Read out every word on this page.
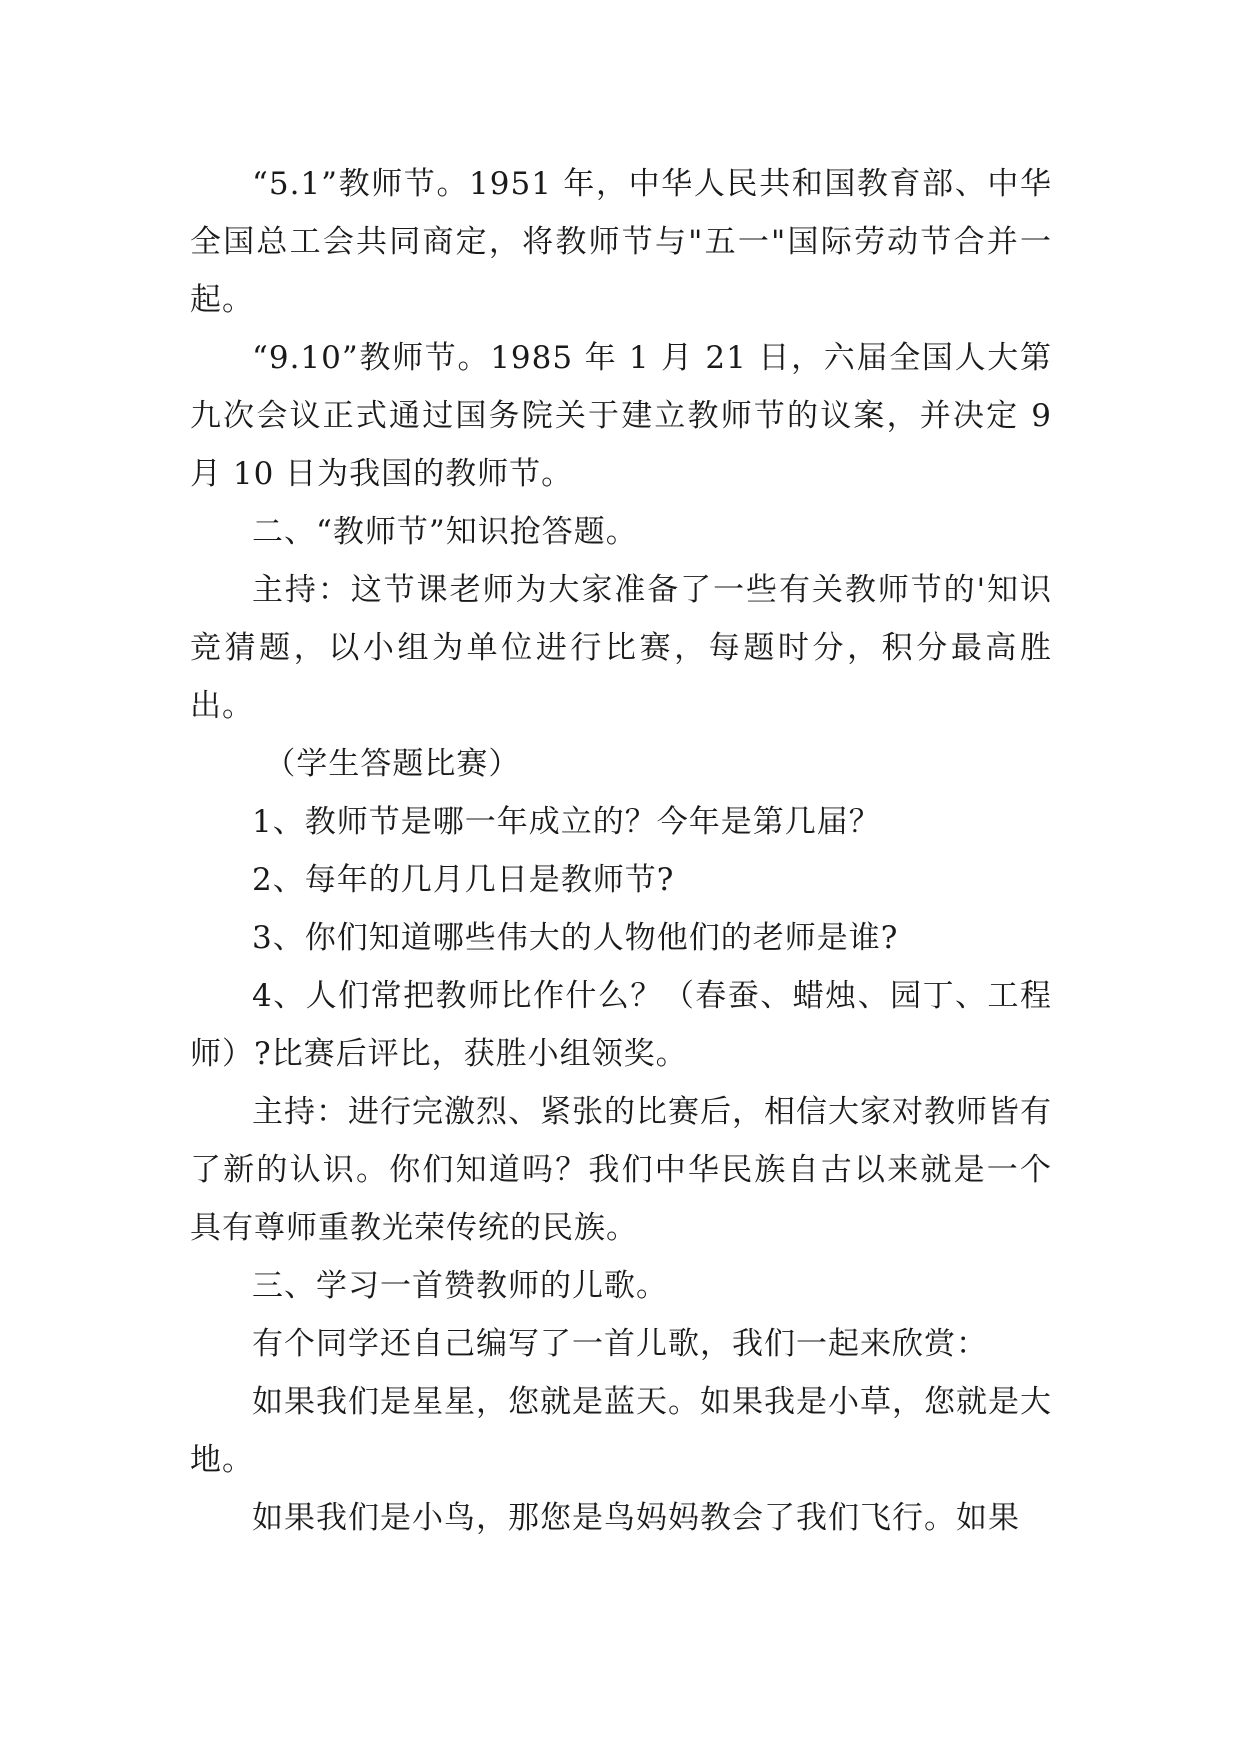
“5.1”教师节。1951 年，中华人民共和国教育部、中华全国总工会共同商定，将教师节与"五一"国际劳动节合并一起。

“9.10”教师节。1985 年 1 月 21 日，六届全国人大第九次会议正式通过国务院关于建立教师节的议案，并决定 9 月 10 日为我国的教师节。

二、“教师节”知识抢答题。

主持：这节课老师为大家准备了一些有关教师节的'知识竞猜题，以小组为单位进行比赛，每题时分，积分最高胜出。

（学生答题比赛）

1、教师节是哪一年成立的？今年是第几届？

2、每年的几月几日是教师节?

3、你们知道哪些伟大的人物他们的老师是谁?

4、人们常把教师比作什么？（春蚕、蜡烛、园丁、工程师）?比赛后评比，获胜小组领奖。

主持：进行完激烈、紧张的比赛后，相信大家对教师皆有了新的认识。你们知道吗？我们中华民族自古以来就是一个具有尊师重教光荣传统的民族。

三、学习一首赞教师的儿歌。

有个同学还自己编写了一首儿歌，我们一起来欣赏：

如果我们是星星，您就是蓝天。如果我是小草，您就是大地。

如果我们是小鸟，那您是鸟妈妈教会了我们飞行。如果
